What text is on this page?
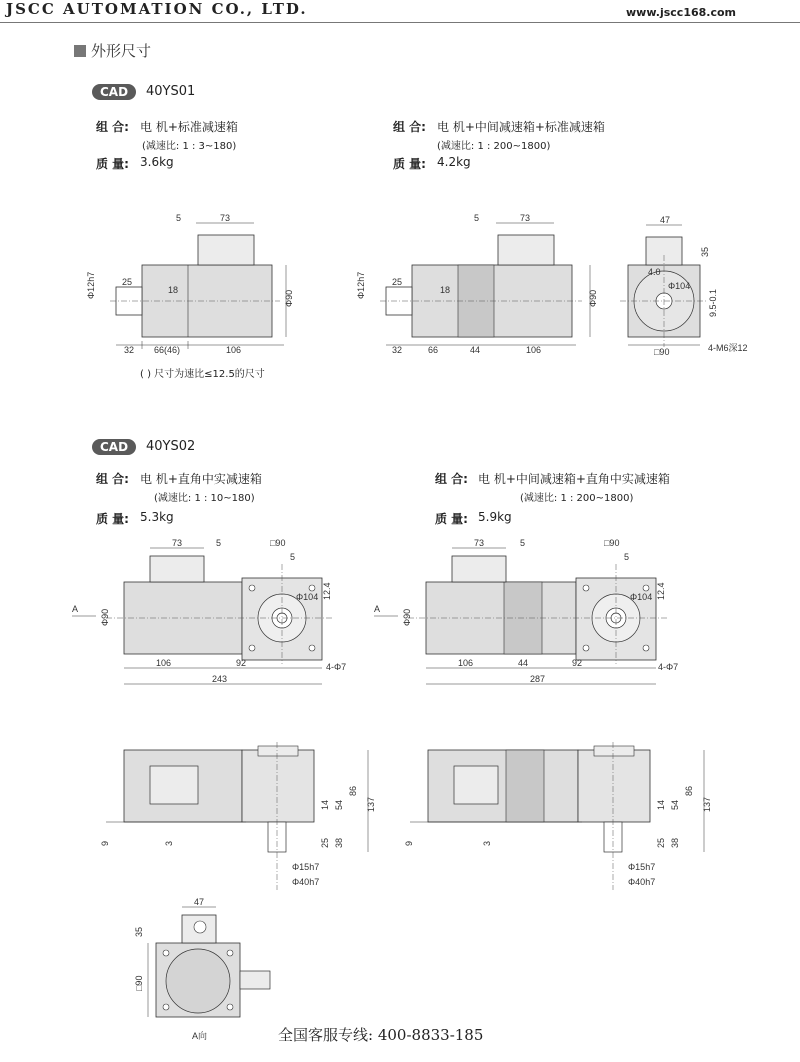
JSCC AUTOMATION CO., LTD.	www.jscc168.com
外形尺寸
CAD	40YS01
组 合: 电 机+标准减速箱
(减速比: 1 : 3~180)
质 量: 3.6kg
组 合: 电 机+中间减速箱+标准减速箱
(减速比: 1 : 200~1800)
质 量: 4.2kg
5	73
25
18
Φ12h7	Φ90
32 66(46)	106
( ) 尺寸为速比≤12.5的尺寸
5	73
25
18
Φ12h7	Φ90
32	66	44	106
47
35
Φ104
4.0
9.5-0.1
□90	4-M6深12
CAD	40YS02
组 合: 电 机+直角中实减速箱
(减速比: 1 : 10~180)
质 量: 5.3kg
组 合: 电 机+中间减速箱+直角中实减速箱
(减速比: 1 : 200~1800)
质 量: 5.9kg
73	5	□90
5
Φ104 12.4
A Φ90
106	92
243
4-Φ7
73	5	□90
5
Φ104 12.4
A Φ90
106	44	92
287
4-Φ7
14 54
86
137
25 38
9	3
Φ15h7
Φ40h7
14 54
86
137
25 38
9	3
Φ15h7
Φ40h7
47
35
□90
A向	全国客服专线: 400-8833-185
